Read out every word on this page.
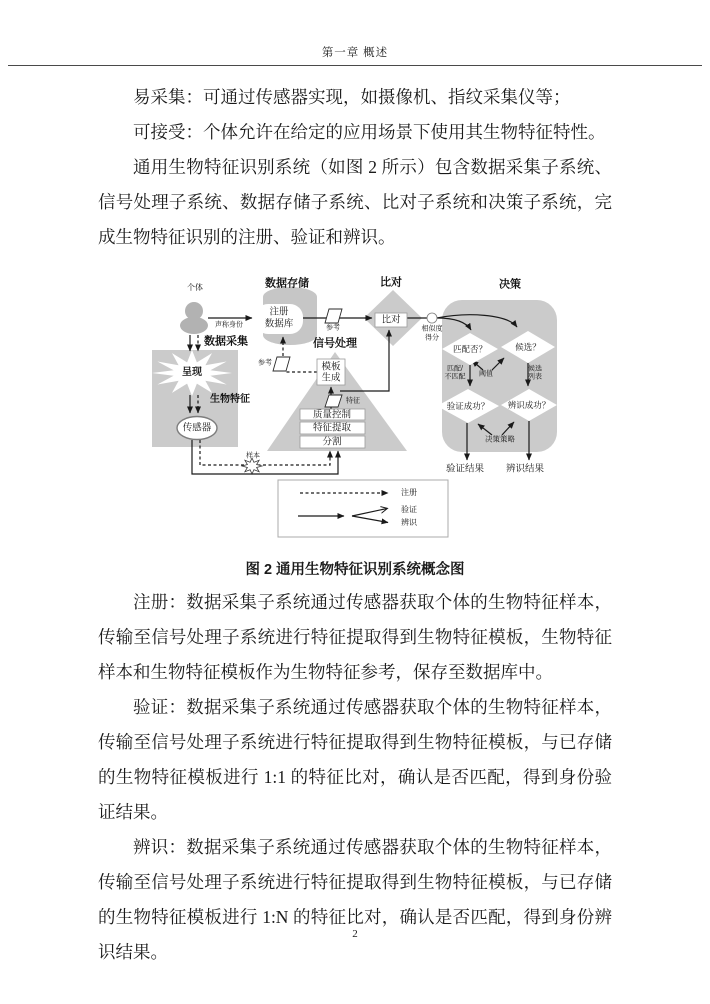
第一章 概述

易采集：可通过传感器实现，如摄像机、指纹采集仪等；

可接受：个体允许在给定的应用场景下使用其生物特征特性。

通用生物特征识别系统（如图 2 所示）包含数据采集子系统、信号处理子系统、数据存储子系统、比对子系统和决策子系统，完成生物特征识别的注册、验证和辨识。

个体	数据存储	比对	决策
声称身份
数据采集
注册
数据库	参考
信号处理
比对
相似度
得分
呈现
参考	模板
生成
生物特征	特征
质量控制
特征提取
分割
传感器
样本
匹配否？	候选？
匹配/
不匹配 阈值
候选
列表
验证成功？ 辨识成功？
决策策略
验证结果 辨识结果
注册
验证
辨识
图 2 通用生物特征识别系统概念图

注册：数据采集子系统通过传感器获取个体的生物特征样本，传输至信号处理子系统进行特征提取得到生物特征模板，生物特征样本和生物特征模板作为生物特征参考，保存至数据库中。

验证：数据采集子系统通过传感器获取个体的生物特征样本，传输至信号处理子系统进行特征提取得到生物特征模板，与已存储的生物特征模板进行 1:1 的特征比对，确认是否匹配，得到身份验证结果。

辨识：数据采集子系统通过传感器获取个体的生物特征样本，传输至信号处理子系统进行特征提取得到生物特征模板，与已存储的生物特征模板进行 1:N 的特征比对，确认是否匹配，得到身份辨识结果。

2
